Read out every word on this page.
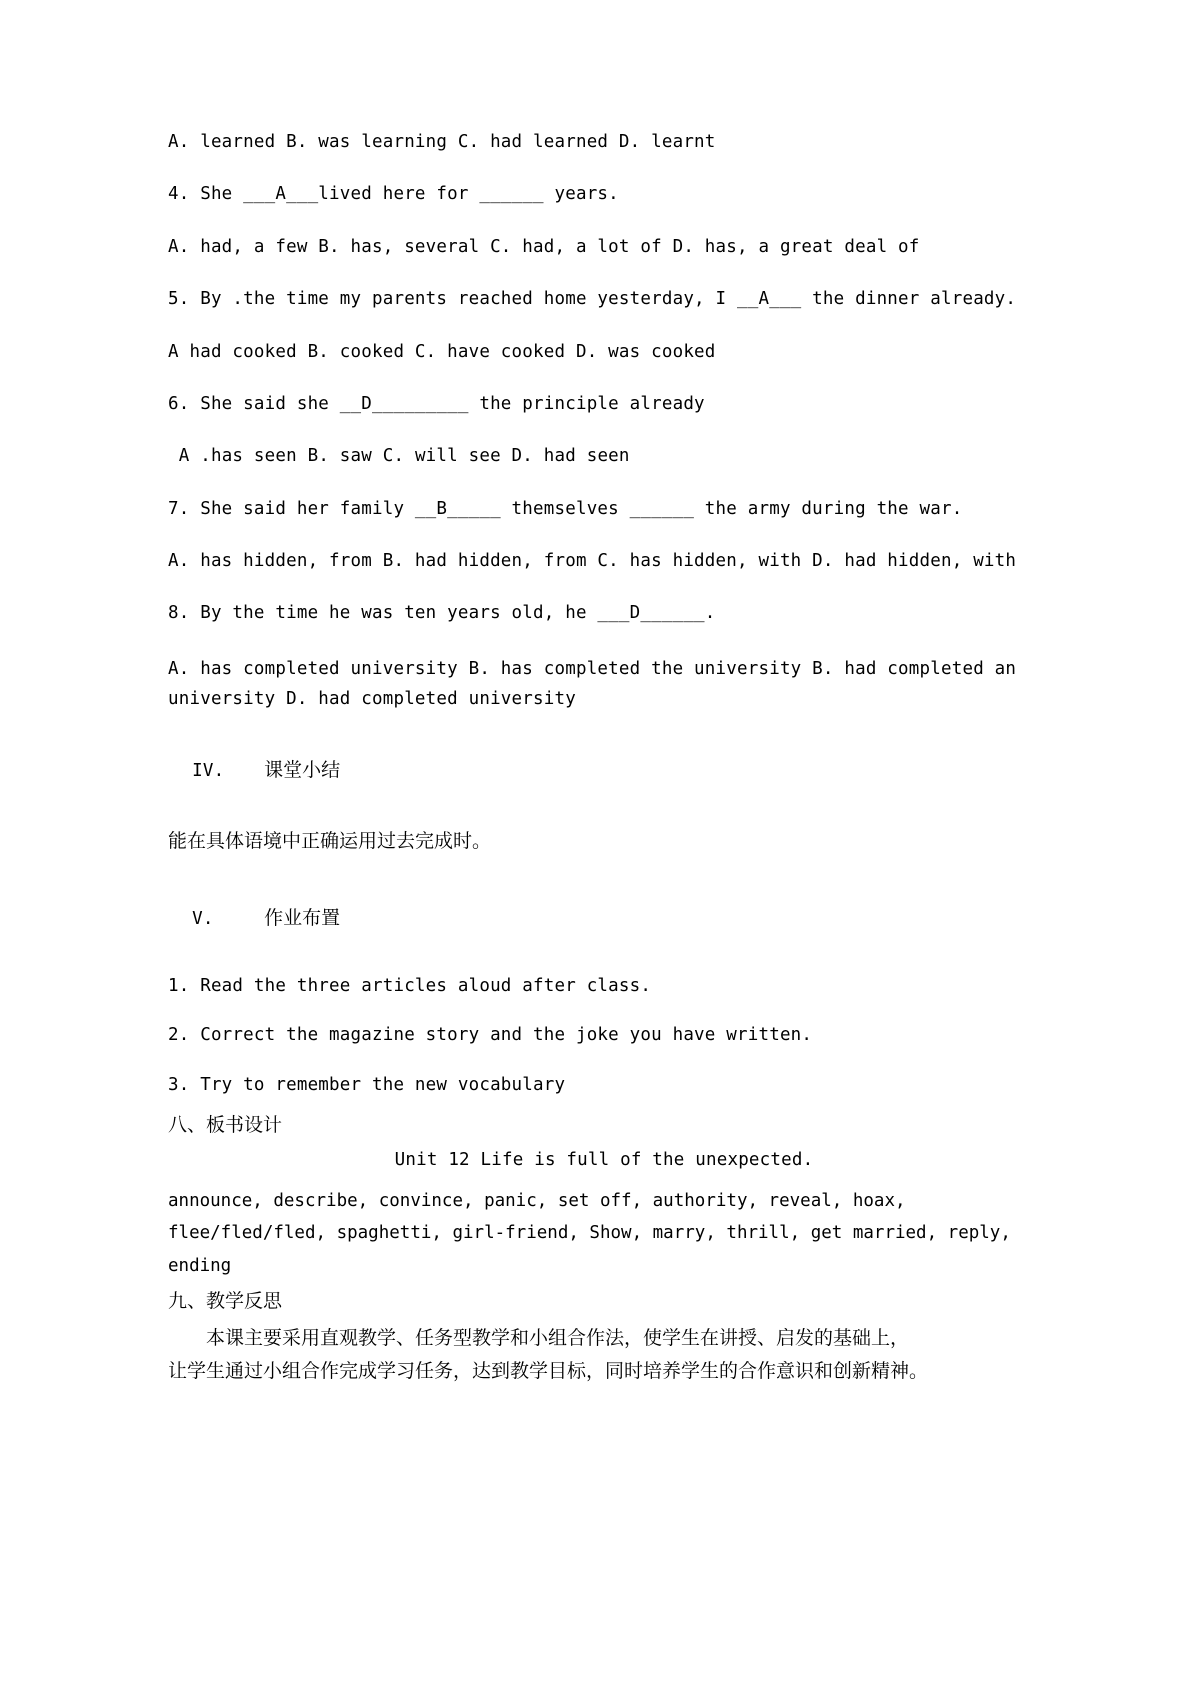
A. learned B. was learning C. had learned D. learnt

4. She ___A___lived here for ______ years.

A. had, a few B. has, several C. had, a lot of D. has, a great deal of

5. By .the time my parents reached home yesterday, I __A___ the dinner already.

A had cooked B. cooked C. have cooked D. was cooked

6. She said she __D_________ the principle already

A .has seen B. saw C. will see D. had seen

7. She said her family __B_____ themselves ______ the army during the war.

A. has hidden, from B. had hidden, from C. has hidden, with D. had hidden, with

8. By the time he was ten years old, he ___D______.

A. has completed university B. has completed the university B. had completed an

university D. had completed university

IV. 课堂小结

能在具体语境中正确运用过去完成时。

V.	作业布置

1. Read the three articles aloud after class.

2. Correct the magazine story and the joke you have written.

3. Try to remember the new vocabulary

八、板书设计

Unit 12 Life is full of the unexpected.

announce, describe, convince, panic, set off, authority, reveal, hoax,

flee/fled/fled, spaghetti, girl-friend, Show, marry, thrill, get married, reply,

ending

九、教学反思

本课主要采用直观教学、任务型教学和小组合作法，使学生在讲授、启发的基础上，

让学生通过小组合作完成学习任务，达到教学目标，同时培养学生的合作意识和创新精神。
